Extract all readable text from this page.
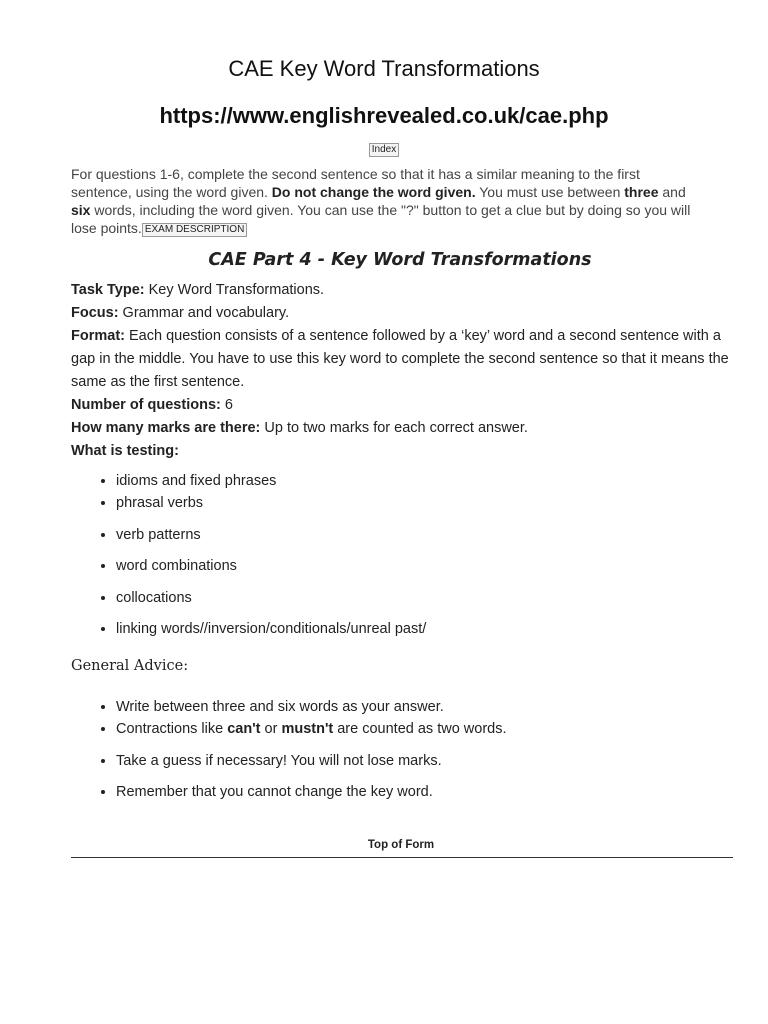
CAE Key Word Transformations
https://www.englishrevealed.co.uk/cae.php
Index

For questions 1-6, complete the second sentence so that it has a similar meaning to the first sentence, using the word given. Do not change the word given. You must use between three and six words, including the word given. You can use the "?" button to get a clue but by doing so you will lose points. EXAM DESCRIPTION

CAE Part 4 - Key Word Transformations

Task Type: Key Word Transformations.

Focus: Grammar and vocabulary.

Format: Each question consists of a sentence followed by a ‘key’ word and a second sentence with a gap in the middle. You have to use this key word to complete the second sentence so that it means the same as the first sentence.

Number of questions: 6

How many marks are there: Up to two marks for each correct answer.

What is testing:

• idioms and fixed phrases
• phrasal verbs
• verb patterns
• word combinations
• collocations
• linking words//inversion/conditionals/unreal past/
General Advice:
• Write between three and six words as your answer.
• Contractions like can't or mustn't are counted as two words.
• Take a guess if necessary! You will not lose marks.
• Remember that you cannot change the key word.

Top of Form
